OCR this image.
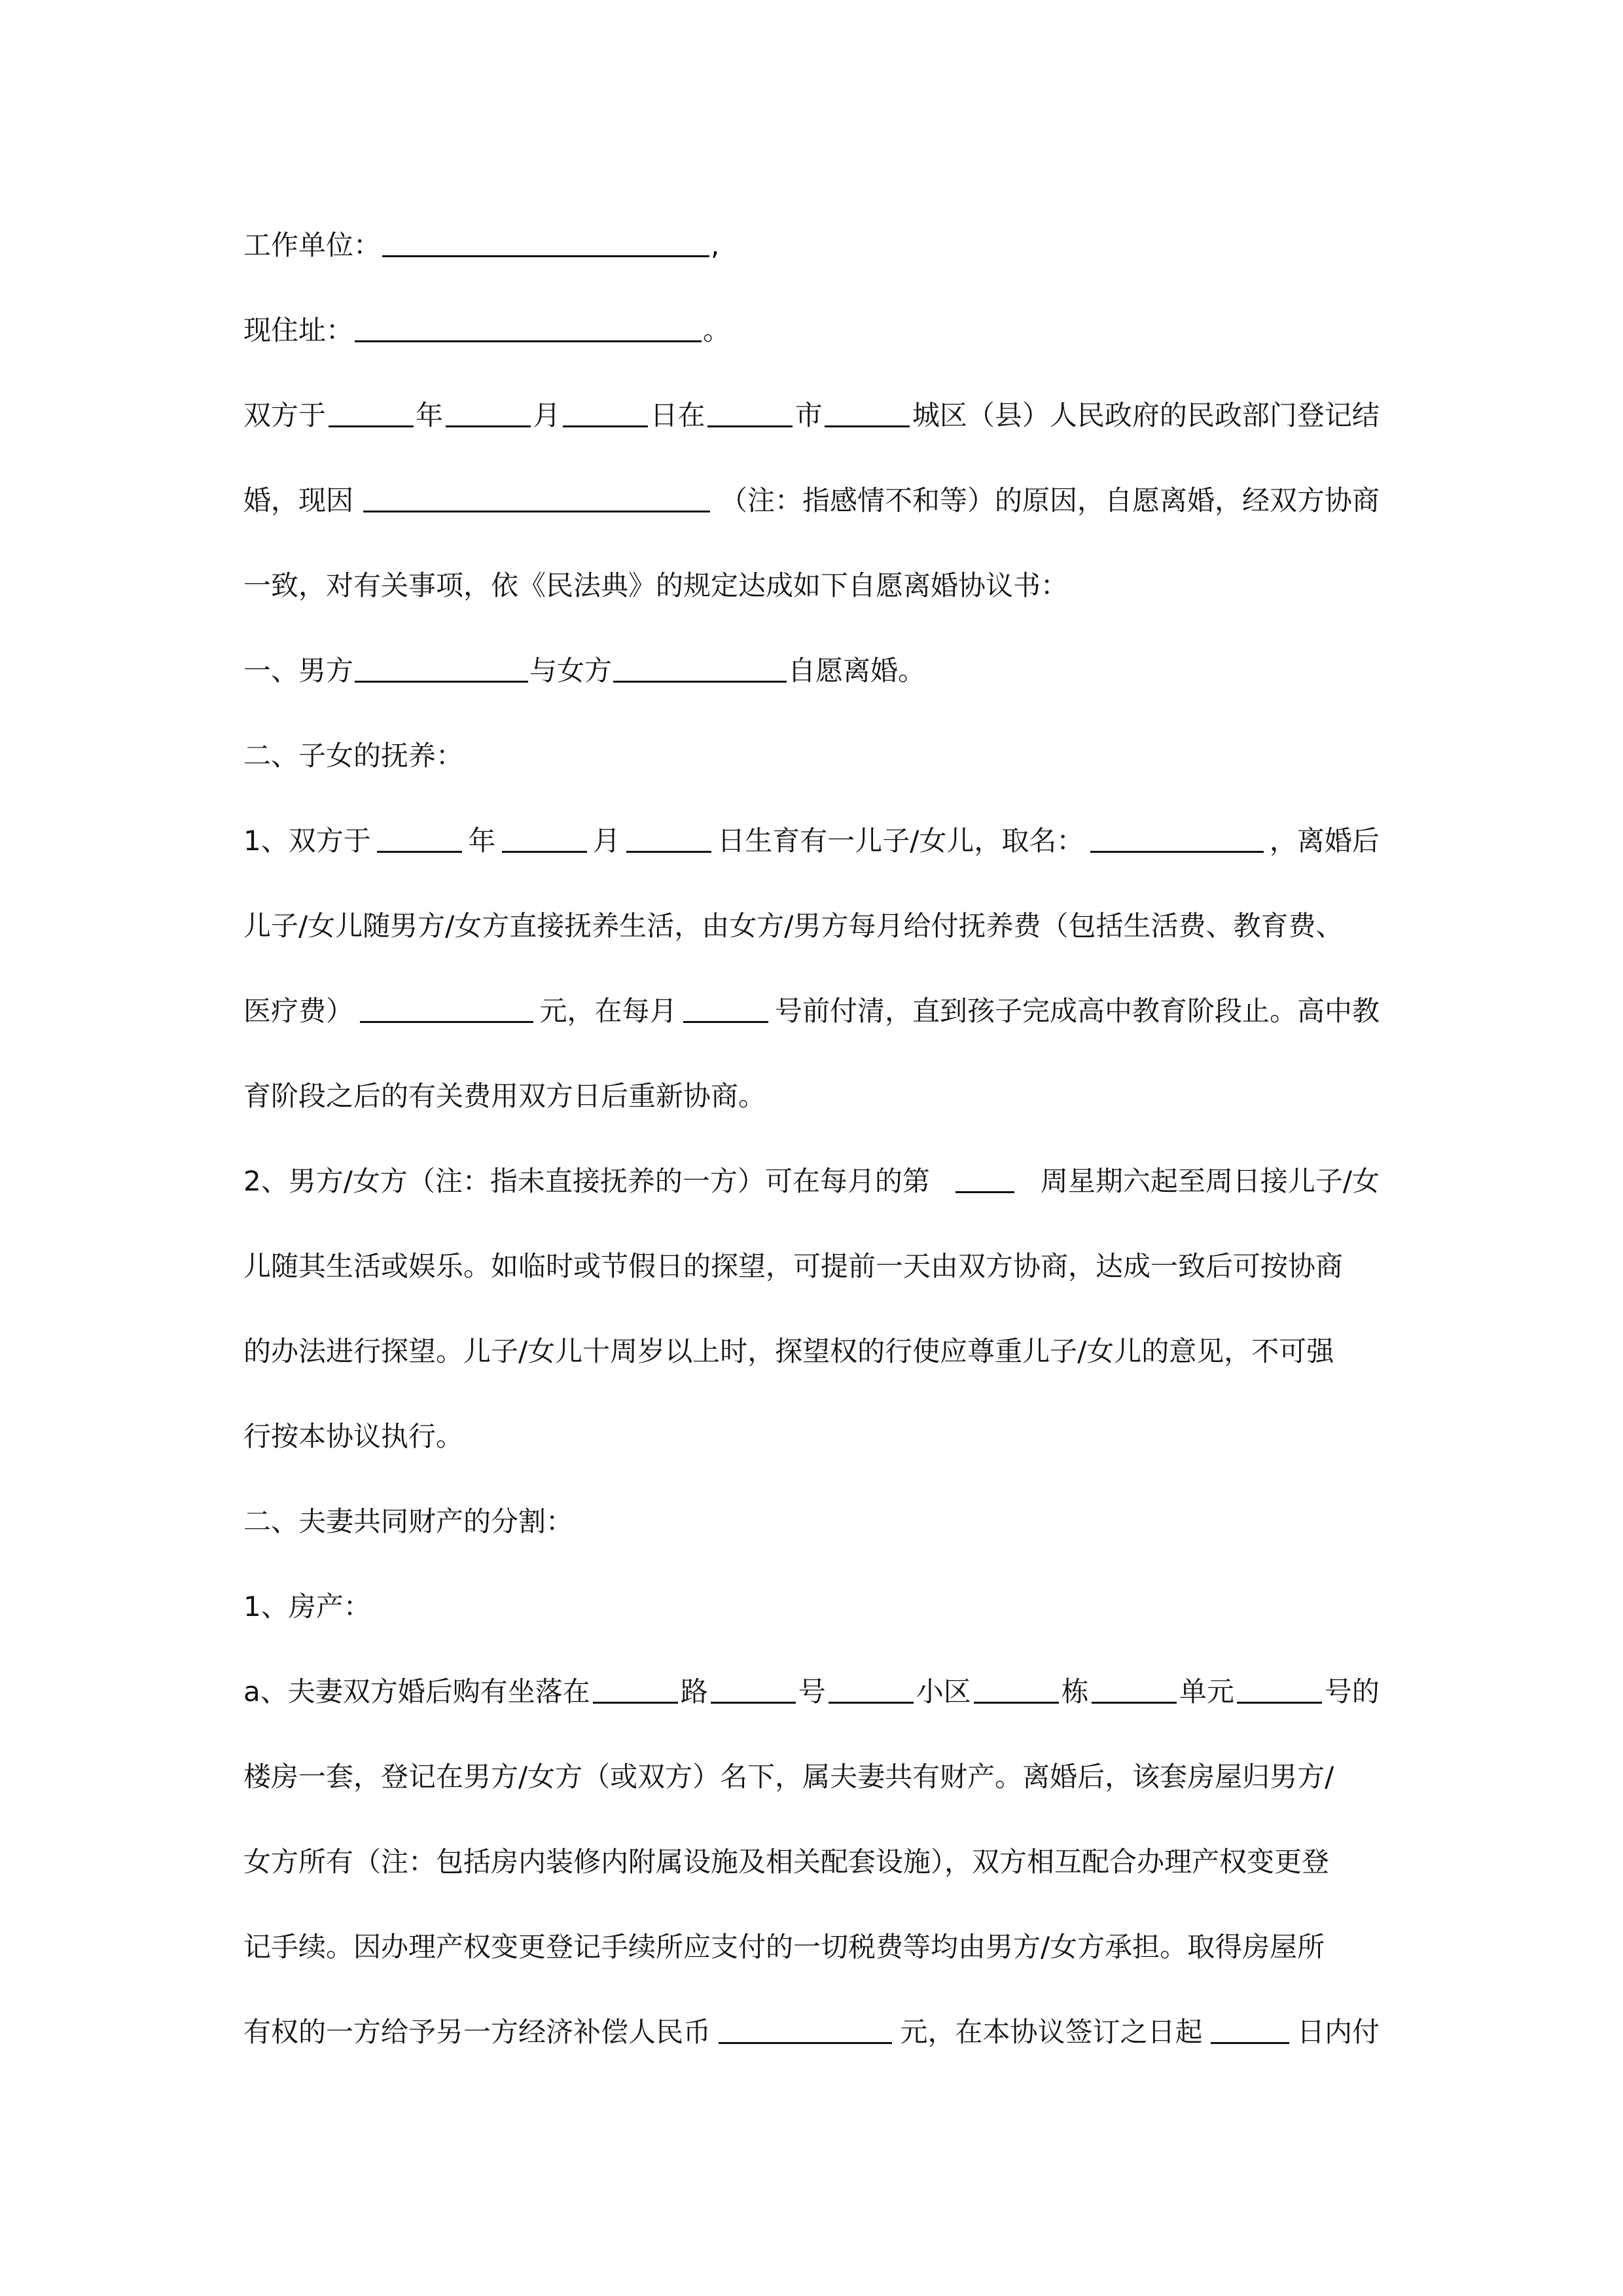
工作单位：	,
现住址：	。
双方于	年	月	日在	市	城区（县）人民政府的民政部门登记结
婚，现因	（注：指感情不和等）的原因，自愿离婚，经双方协商
一致，对有关事项，依《民法典》的规定达成如下自愿离婚协议书：
一、男方	与女方	自愿离婚。
二、子女的抚养：
1、双方于	年	月	日生育有一儿子/女儿，取名：	，离婚后
儿子/女儿随男方/女方直接抚养生活，由女方/男方每月给付抚养费（包括生活费、教育费、
医疗费）	元，在每月	号前付清，直到孩子完成高中教育阶段止。高中教
育阶段之后的有关费用双方日后重新协商。
2、男方/女方（注：指未直接抚养的一方）可在每月的第	周星期六起至周日接儿子/女
儿随其生活或娱乐。如临时或节假日的探望，可提前一天由双方协商，达成一致后可按协商
的办法进行探望。儿子/女儿十周岁以上时，探望权的行使应尊重儿子/女儿的意见，不可强
行按本协议执行。
二、夫妻共同财产的分割：
1、房产：
a、夫妻双方婚后购有坐落在	路	号	小区	栋	单元	号的
楼房一套，登记在男方/女方（或双方）名下，属夫妻共有财产。离婚后，该套房屋归男方/
女方所有（注：包括房内装修内附属设施及相关配套设施），双方相互配合办理产权变更登
记手续。因办理产权变更登记手续所应支付的一切税费等均由男方/女方承担。取得房屋所
有权的一方给予另一方经济补偿人民币	元，在本协议签订之日起	日内付
